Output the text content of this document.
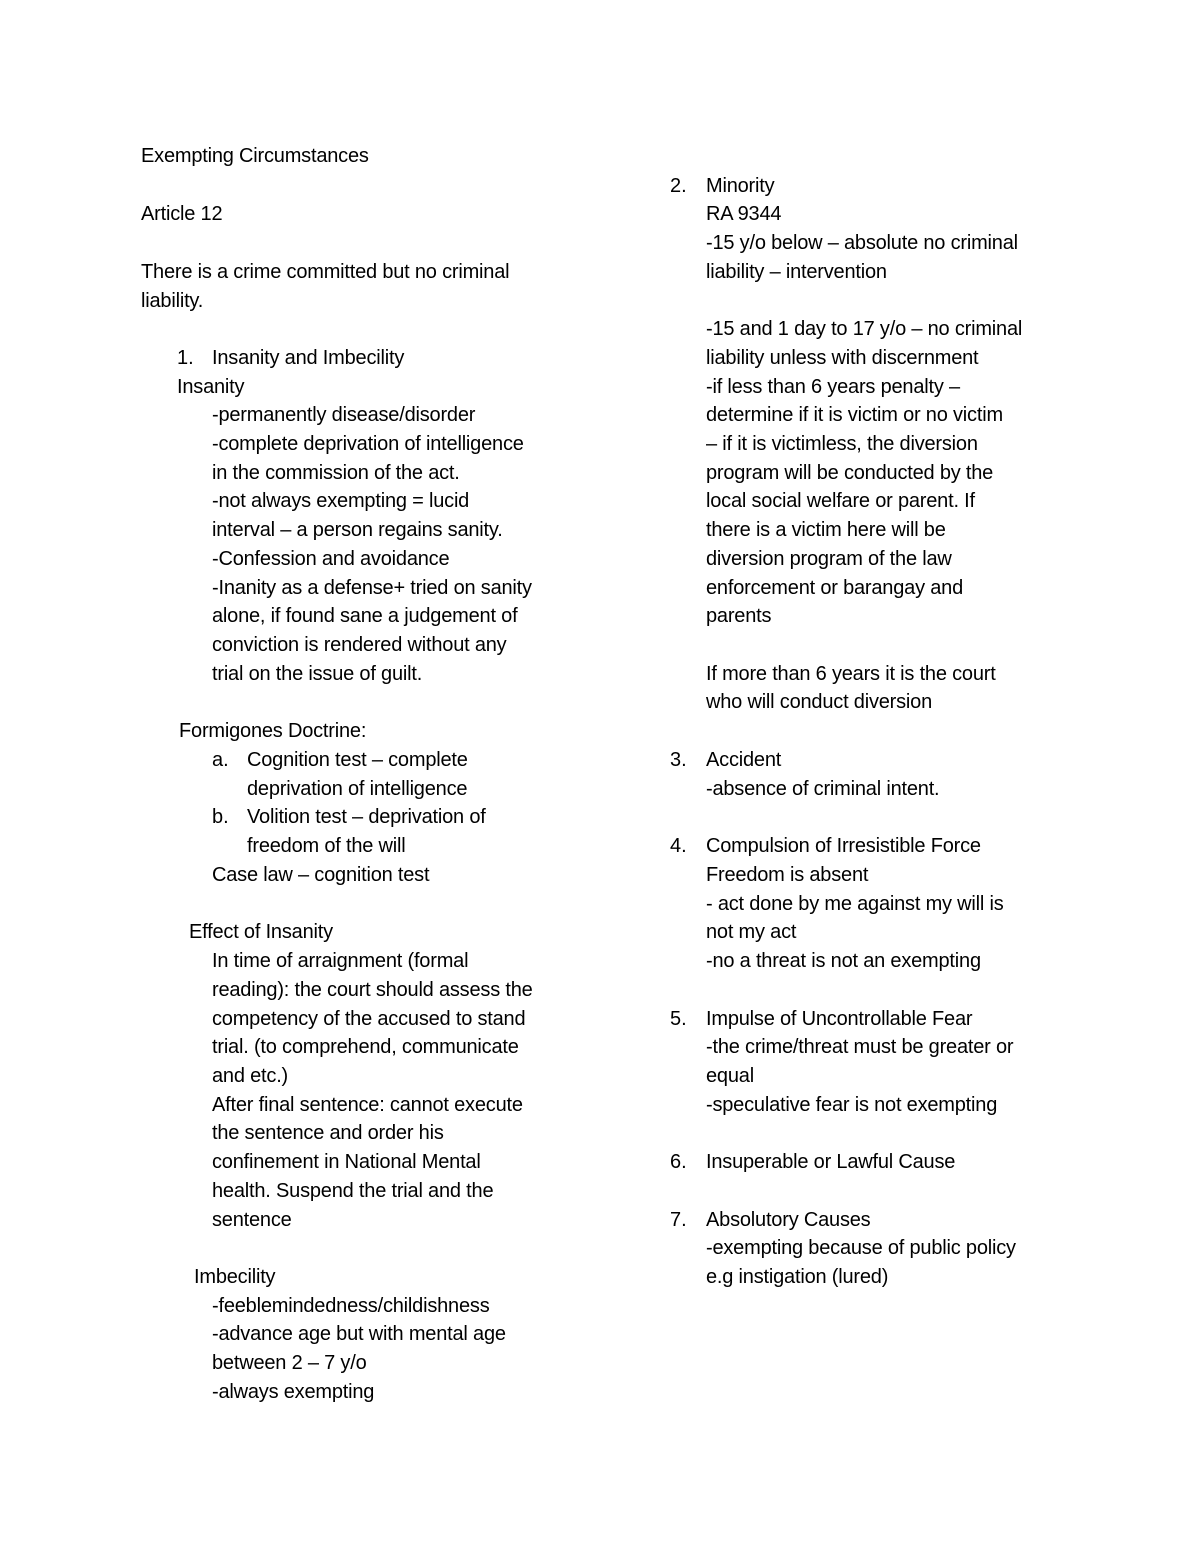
Exempting Circumstances
Article 12
There is a crime committed but no criminal
liability.
1. Insanity and Imbecility
Insanity
-permanently disease/disorder
-complete deprivation of intelligence
in the commission of the act.
-not always exempting = lucid
interval – a person regains sanity.
-Confession and avoidance
-Inanity as a defense+ tried on sanity
alone, if found sane a judgement of
conviction is rendered without any
trial on the issue of guilt.
Formigones Doctrine:
a. Cognition test – complete
deprivation of intelligence
b. Volition test – deprivation of
freedom of the will
Case law – cognition test
Effect of Insanity
In time of arraignment (formal
reading): the court should assess the
competency of the accused to stand
trial. (to comprehend, communicate
and etc.)
After final sentence: cannot execute
the sentence and order his
confinement in National Mental
health. Suspend the trial and the
sentence
Imbecility
-feeblemindedness/childishness
-advance age but with mental age
between 2 – 7 y/o
-always exempting
2. Minority
RA 9344
-15 y/o below – absolute no criminal
liability – intervention
-15 and 1 day to 17 y/o – no criminal
liability unless with discernment
-if less than 6 years penalty –
determine if it is victim or no victim
– if it is victimless, the diversion
program will be conducted by the
local social welfare or parent. If
there is a victim here will be
diversion program of the law
enforcement or barangay and
parents
If more than 6 years it is the court
who will conduct diversion
3. Accident
-absence of criminal intent.
4. Compulsion of Irresistible Force
Freedom is absent
- act done by me against my will is
not my act
-no a threat is not an exempting
5. Impulse of Uncontrollable Fear
-the crime/threat must be greater or
equal
-speculative fear is not exempting
6. Insuperable or Lawful Cause
7. Absolutory Causes
-exempting because of public policy
e.g instigation (lured)
